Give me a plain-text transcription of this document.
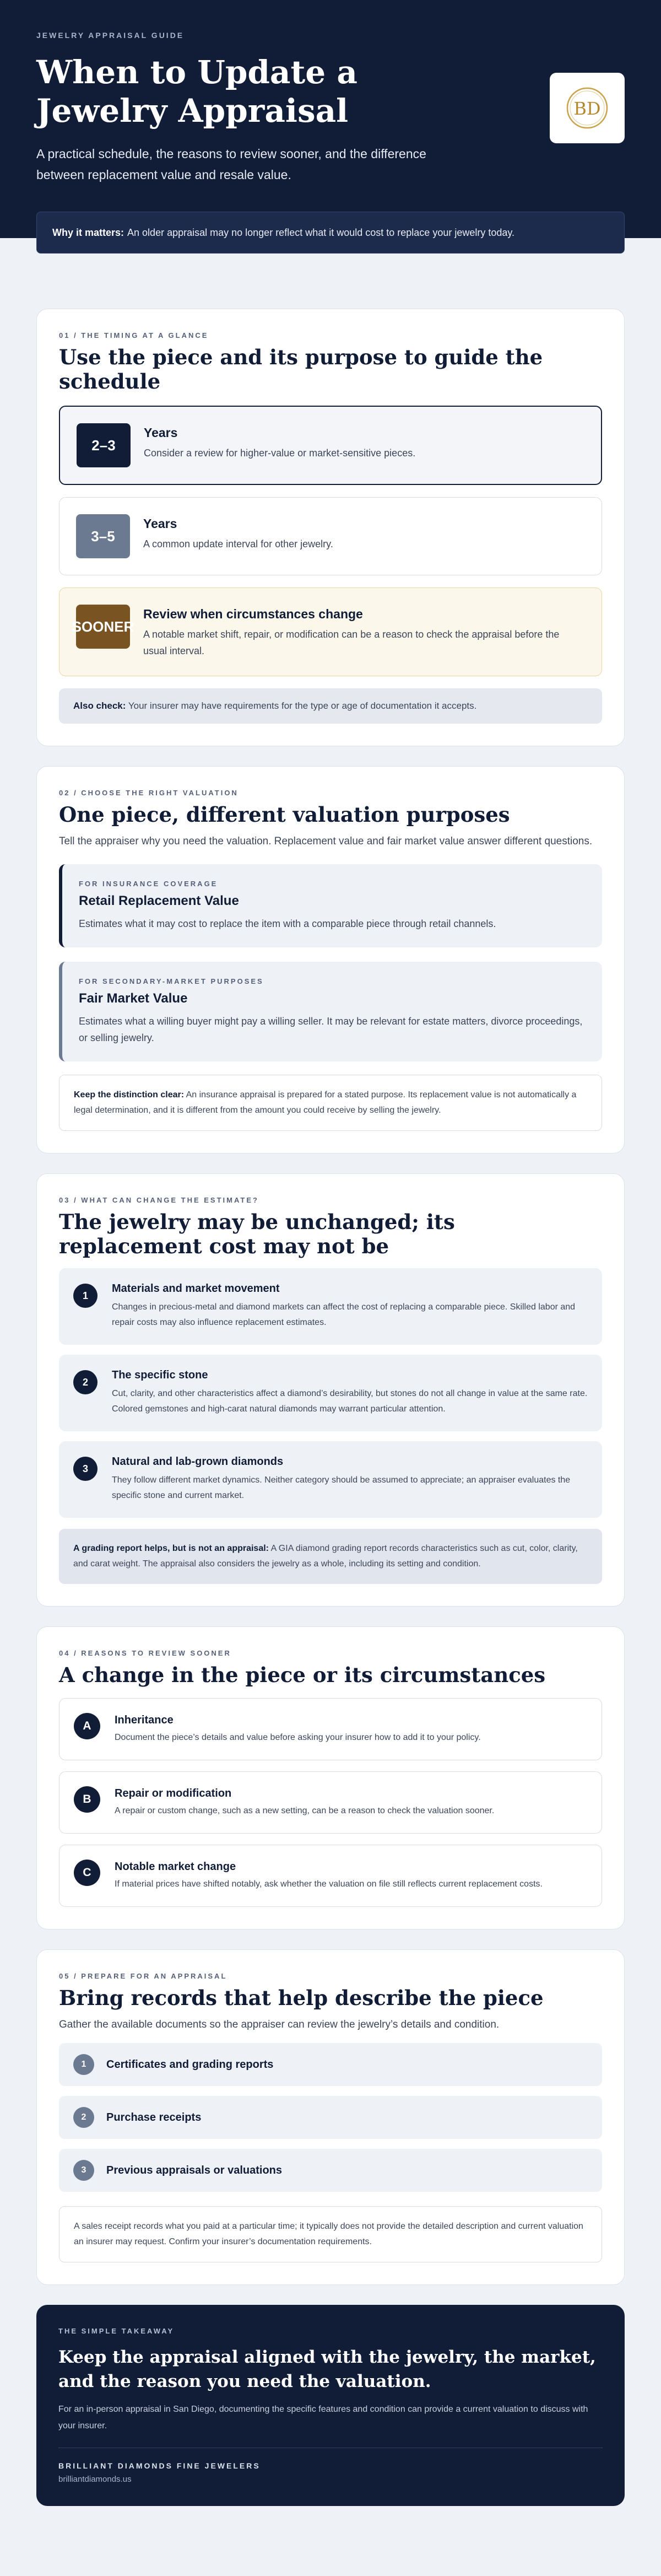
JEWELRY APPRAISAL GUIDE
When to Update a Jewelry Appraisal
A practical schedule, the reasons to review sooner, and the difference between replacement value and resale value.
BD
Why it matters: An older appraisal may no longer reflect what it would cost to replace your jewelry today.
01 / THE TIMING AT A GLANCE
Use the piece and its purpose to guide the schedule
2–3
Years

Consider a review for higher-value or market-sensitive pieces.

3–5
Years

A common update interval for other jewelry.

SOONER
Review when circumstances change

A notable market shift, repair, or modification can be a reason to check the appraisal before the usual interval.

Also check: Your insurer may have requirements for the type or age of documentation it accepts.
02 / CHOOSE THE RIGHT VALUATION
One piece, different valuation purposes

Tell the appraiser why you need the valuation. Replacement value and fair market value answer different questions.

FOR INSURANCE COVERAGE
Retail Replacement Value

Estimates what it may cost to replace the item with a comparable piece through retail channels.

FOR SECONDARY-MARKET PURPOSES
Fair Market Value

Estimates what a willing buyer might pay a willing seller. It may be relevant for estate matters, divorce proceedings, or selling jewelry.

Keep the distinction clear: An insurance appraisal is prepared for a stated purpose. Its replacement value is not automatically a legal determination, and it is different from the amount you could receive by selling the jewelry.
03 / WHAT CAN CHANGE THE ESTIMATE?
The jewelry may be unchanged; its replacement cost may not be
1
Materials and market movement

Changes in precious-metal and diamond markets can affect the cost of replacing a comparable piece. Skilled labor and repair costs may also influence replacement estimates.

2
The specific stone

Cut, clarity, and other characteristics affect a diamond’s desirability, but stones do not all change in value at the same rate. Colored gemstones and high-carat natural diamonds may warrant particular attention.

3
Natural and lab-grown diamonds

They follow different market dynamics. Neither category should be assumed to appreciate; an appraiser evaluates the specific stone and current market.

A grading report helps, but is not an appraisal: A GIA diamond grading report records characteristics such as cut, color, clarity, and carat weight. The appraisal also considers the jewelry as a whole, including its setting and condition.
04 / REASONS TO REVIEW SOONER
A change in the piece or its circumstances
A	Inheritance

Document the piece’s details and value before asking your insurer how to add it to your policy.

B	Repair or modification

A repair or custom change, such as a new setting, can be a reason to check the valuation sooner.

C	Notable market change

If material prices have shifted notably, ask whether the valuation on file still reflects current replacement costs.

05 / PREPARE FOR AN APPRAISAL
Bring records that help describe the piece

Gather the available documents so the appraiser can review the jewelry’s details and condition.

1	Certificates and grading reports
2	Purchase receipts
3	Previous appraisals or valuations
A sales receipt records what you paid at a particular time; it typically does not provide the detailed description and current valuation an insurer may request. Confirm your insurer’s documentation requirements.
THE SIMPLE TAKEAWAY
Keep the appraisal aligned with the jewelry, the market, and the reason you need the valuation.

For an in-person appraisal in San Diego, documenting the specific features and condition can provide a current valuation to discuss with your insurer.

BRILLIANT DIAMONDS FINE JEWELERS
brilliantdiamonds.us
